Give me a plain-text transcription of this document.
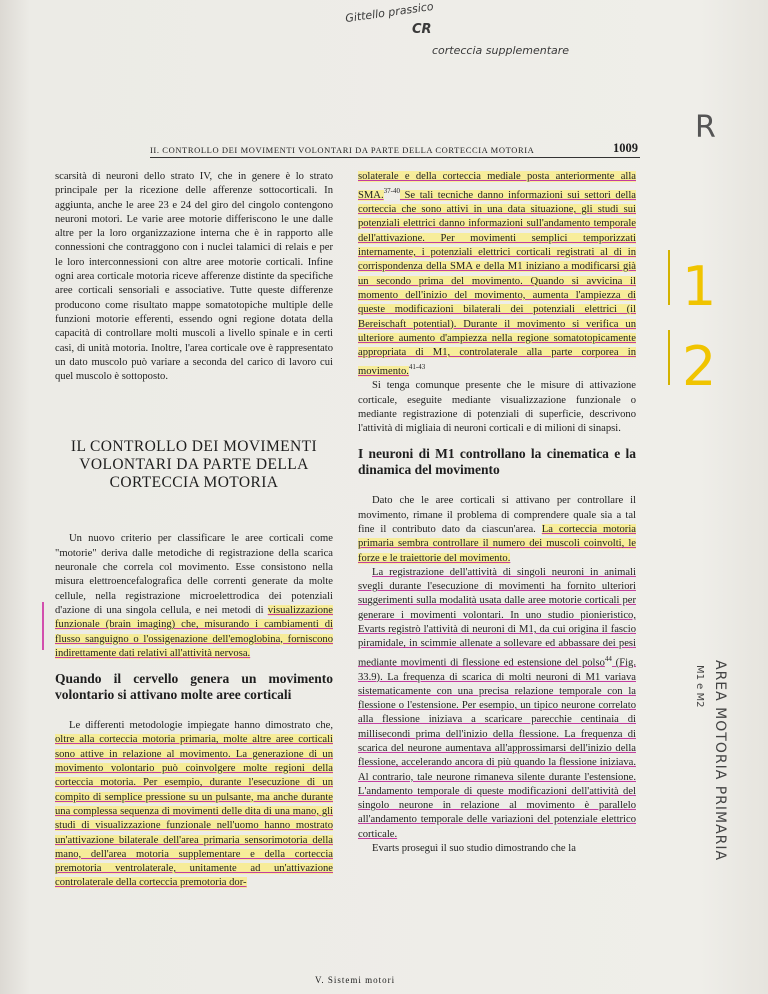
Gittello prassico
CR
corteccia supplementare
R
1
2
AREA MOTORIA PRIMARIA
M1 e M2
II. CONTROLLO DEI MOVIMENTI VOLONTARI DA PARTE DELLA CORTECCIA MOTORIA	1009

scarsità di neuroni dello strato IV, che in genere è lo strato principale per la ricezione delle afferenze sottocorticali. In aggiunta, anche le aree 23 e 24 del giro del cingolo contengono neuroni motori. Le varie aree motorie differiscono le une dalle altre per la loro organizzazione interna che è in rapporto alle connessioni che contraggono con i nuclei talamici di relais e per le loro interconnessioni con altre aree motorie corticali. Infine ogni area corticale motoria riceve afferenze distinte da specifiche aree corticali sensoriali e associative. Tutte queste differenze producono come risultato mappe somatotopiche multiple delle funzioni motorie efferenti, essendo ogni regione dotata della capacità di controllare molti muscoli a livello spinale e in certi casi, di unità motoria. Inoltre, l'area corticale ove è rappresentato un dato muscolo può variare a seconda del carico di lavoro cui quel muscolo è sottoposto.

IL CONTROLLO DEI MOVIMENTI VOLONTARI DA PARTE DELLA CORTECCIA MOTORIA

Un nuovo criterio per classificare le aree corticali come "motorie" deriva dalle metodiche di registrazione della scarica neuronale che correla col movimento. Esse consistono nella misura elettroencefalografica delle correnti generate da molte cellule, nella registrazione microelettrodica dei potenziali d'azione di una singola cellula, e nei metodi di visualizzazione funzionale (brain imaging) che, misurando i cambiamenti di flusso sanguigno o l'ossigenazione dell'emoglobina, forniscono indirettamente dati relativi all'attività nervosa.

Quando il cervello genera un movimento volontario si attivano molte aree corticali

Le differenti metodologie impiegate hanno dimostrato che, oltre alla corteccia motoria primaria, molte altre aree corticali sono attive in relazione al movimento. La generazione di un movimento volontario può coinvolgere molte regioni della corteccia motoria. Per esempio, durante l'esecuzione di un compito di semplice pressione su un pulsante, ma anche durante una complessa sequenza di movimenti delle dita di una mano, gli studi di visualizzazione funzionale nell'uomo hanno mostrato un'attivazione bilaterale dell'area primaria sensorimotoria della mano, dell'area motoria supplementare e della corteccia premotoria ventrolaterale, unitamente ad un'attivazione controlaterale della corteccia premotoria dor-

solaterale e della corteccia mediale posta anteriormente alla SMA.$^{37-40}$ Se tali tecniche danno informazioni sui settori della corteccia che sono attivi in una data situazione, gli studi sui potenziali elettrici danno informazioni sull'andamento temporale dell'attivazione. Per movimenti semplici temporizzati internamente, i potenziali elettrici corticali registrati al di in corrispondenza della SMA e della M1 iniziano a modificarsi già un secondo prima del movimento. Quando si avvicina il momento dell'inizio del movimento, aumenta l'ampiezza di queste modificazioni bilaterali dei potenziali elettrici (il Bereischaft potential). Durante il movimento si verifica un ulteriore aumento d'ampiezza nella regione somatotopicamente appropriata di M1, controlaterale alla parte corporea in movimento.$^{41-43}$

Si tenga comunque presente che le misure di attivazione corticale, eseguite mediante visualizzazione funzionale o mediante registrazione di potenziali di superficie, descrivono l'attività di migliaia di neuroni corticali e di milioni di sinapsi.

I neuroni di M1 controllano la cinematica e la dinamica del movimento

Dato che le aree corticali si attivano per controllare il movimento, rimane il problema di comprendere quale sia a tal fine il contributo dato da ciascun'area. La corteccia motoria primaria sembra controllare il numero dei muscoli coinvolti, le forze e le traiettorie del movimento.

La registrazione dell'attività di singoli neuroni in animali svegli durante l'esecuzione di movimenti ha fornito ulteriori suggerimenti sulla modalità usata dalle aree motorie corticali per generare i movimenti volontari. In uno studio pionieristico, Evarts registrò l'attività di neuroni di M1, da cui origina il fascio piramidale, in scimmie allenate a sollevare ed abbassare dei pesi mediante movimenti di flessione ed estensione del polso$^{44}$ (Fig. 33.9). La frequenza di scarica di molti neuroni di M1 variava sistematicamente con una precisa relazione temporale con la flessione o l'estensione. Per esempio, un tipico neurone correlato alla flessione iniziava a scaricare parecchie centinaia di millisecondi prima dell'inizio della flessione. La frequenza di scarica del neurone aumentava all'approssimarsi dell'inizio della flessione, accelerando ancora di più quando la flessione iniziava. Al contrario, tale neurone rimaneva silente durante l'estensione. L'andamento temporale di queste modificazioni dell'attività del singolo neurone in relazione al movimento è parallelo all'andamento temporale delle variazioni del potenziale elettrico corticale.

Evarts proseguì il suo studio dimostrando che la

V. Sistemi motori
